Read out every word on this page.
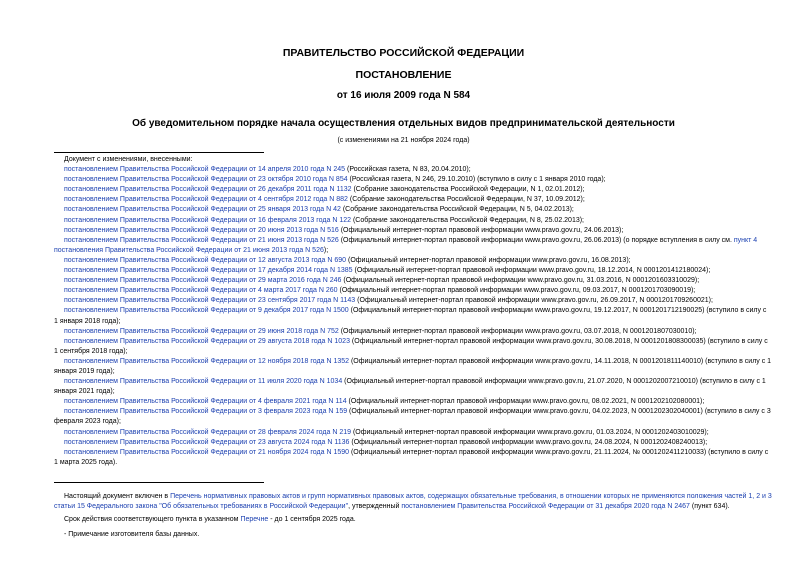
ПРАВИТЕЛЬСТВО РОССИЙСКОЙ ФЕДЕРАЦИИ
ПОСТАНОВЛЕНИЕ
от 16 июля 2009 года N 584
Об уведомительном порядке начала осуществления отдельных видов предпринимательской деятельности
(с изменениями на 21 ноября 2024 года)
Документ с изменениями, внесенными:
постановлением Правительства Российской Федерации от 14 апреля 2010 года N 245 (Российская газета, N 83, 20.04.2010);
постановлением Правительства Российской Федерации от 23 октября 2010 года N 854 (Российская газета, N 246, 29.10.2010) (вступило в силу с 1 января 2010 года);
постановлением Правительства Российской Федерации от 26 декабря 2011 года N 1132 (Собрание законодательства Российской Федерации, N 1, 02.01.2012);
постановлением Правительства Российской Федерации от 4 сентября 2012 года N 882 (Собрание законодательства Российской Федерации, N 37, 10.09.2012);
постановлением Правительства Российской Федерации от 25 января 2013 года N 42 (Собрание законодательства Российской Федерации, N 5, 04.02.2013);
постановлением Правительства Российской Федерации от 16 февраля 2013 года N 122 (Собрание законодательства Российской Федерации, N 8, 25.02.2013);
постановлением Правительства Российской Федерации от 20 июня 2013 года N 516 (Официальный интернет-портал правовой информации www.pravo.gov.ru, 24.06.2013);
постановлением Правительства Российской Федерации от 21 июня 2013 года N 526 (Официальный интернет-портал правовой информации www.pravo.gov.ru, 26.06.2013) (о порядке вступления в силу см. пункт 4 постановления Правительства Российской Федерации от 21 июня 2013 года N 526);
постановлением Правительства Российской Федерации от 12 августа 2013 года N 690 (Официальный интернет-портал правовой информации www.pravo.gov.ru, 16.08.2013);
постановлением Правительства Российской Федерации от 17 декабря 2014 года N 1385 (Официальный интернет-портал правовой информации www.pravo.gov.ru, 18.12.2014, N 0001201412180024);
постановлением Правительства Российской Федерации от 29 марта 2016 года N 246 (Официальный интернет-портал правовой информации www.pravo.gov.ru, 31.03.2016, N 0001201603310029);
постановлением Правительства Российской Федерации от 4 марта 2017 года N 260 (Официальный интернет-портал правовой информации www.pravo.gov.ru, 09.03.2017, N 0001201703090019);
постановлением Правительства Российской Федерации от 23 сентября 2017 года N 1143 (Официальный интернет-портал правовой информации www.pravo.gov.ru, 26.09.2017, N 0001201709260021);
постановлением Правительства Российской Федерации от 9 декабря 2017 года N 1500 (Официальный интернет-портал правовой информации www.pravo.gov.ru, 19.12.2017, N 0001201712190025) (вступило в силу с 1 января 2018 года);
постановлением Правительства Российской Федерации от 29 июня 2018 года N 752 (Официальный интернет-портал правовой информации www.pravo.gov.ru, 03.07.2018, N 0001201807030010);
постановлением Правительства Российской Федерации от 29 августа 2018 года N 1023 (Официальный интернет-портал правовой информации www.pravo.gov.ru, 30.08.2018, N 0001201808300035) (вступило в силу с 1 сентября 2018 года);
постановлением Правительства Российской Федерации от 12 ноября 2018 года N 1352 (Официальный интернет-портал правовой информации www.pravo.gov.ru, 14.11.2018, N 0001201811140010) (вступило в силу с 1 января 2019 года);
постановлением Правительства Российской Федерации от 11 июля 2020 года N 1034 (Официальный интернет-портал правовой информации www.pravo.gov.ru, 21.07.2020, N 0001202007210010) (вступило в силу с 1 января 2021 года);
постановлением Правительства Российской Федерации от 4 февраля 2021 года N 114 (Официальный интернет-портал правовой информации www.pravo.gov.ru, 08.02.2021, N 0001202102080001);
постановлением Правительства Российской Федерации от 3 февраля 2023 года N 159 (Официальный интернет-портал правовой информации www.pravo.gov.ru, 04.02.2023, N 0001202302040001) (вступило в силу с 3 февраля 2023 года);
постановлением Правительства Российской Федерации от 28 февраля 2024 года N 219 (Официальный интернет-портал правовой информации www.pravo.gov.ru, 01.03.2024, N 0001202403010029);
постановлением Правительства Российской Федерации от 23 августа 2024 года N 1136 (Официальный интернет-портал правовой информации www.pravo.gov.ru, 24.08.2024, N 0001202408240013);
постановлением Правительства Российской Федерации от 21 ноября 2024 года N 1590 (Официальный интернет-портал правовой информации www.pravo.gov.ru, 21.11.2024, № 0001202411210033) (вступило в силу с 1 марта 2025 года).
Настоящий документ включен в Перечень нормативных правовых актов и групп нормативных правовых актов, содержащих обязательные требования, в отношении которых не применяются положения частей 1, 2 и 3 статьи 15 Федерального закона "Об обязательных требованиях в Российской Федерации", утвержденный постановлением Правительства Российской Федерации от 31 декабря 2020 года N 2467 (пункт 634).
Срок действия соответствующего пункта в указанном Перечне - до 1 сентября 2025 года.
- Примечание изготовителя базы данных.
